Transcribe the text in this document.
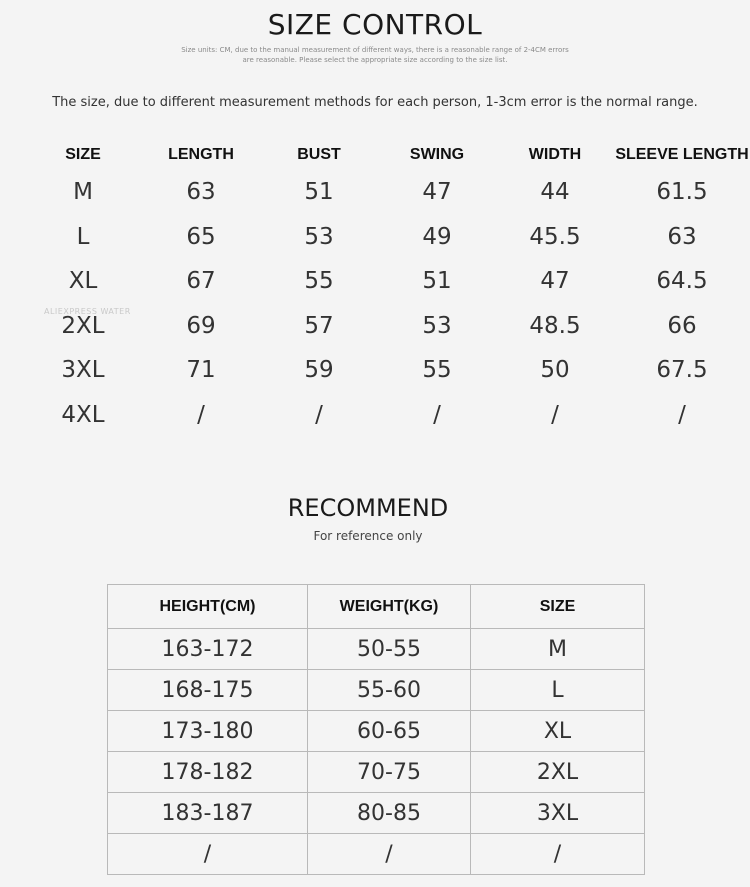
SIZE CONTROL
Size units: CM, due to the manual measurement of different ways, there is a reasonable range of 2-4CM errors
are reasonable. Please select the appropriate size according to the size list.
The size, due to different measurement methods for each person, 1-3cm error is the normal range.
SIZE	LENGTH	BUST	SWING	WIDTH	SLEEVE LENGTH
M	63	51	47	44	61.5
L	65	53	49	45.5	63
XL	67	55	51	47	64.5
2XL	69	57	53	48.5	66
3XL	71	59	55	50	67.5
4XL	/	/	/	/	/
ALIEXPRESS WATER
RECOMMEND
For reference only
HEIGHT(CM)	WEIGHT(KG)	SIZE
163-172	50-55	M
168-175	55-60	L
173-180	60-65	XL
178-182	70-75	2XL
183-187	80-85	3XL
/	/	/
